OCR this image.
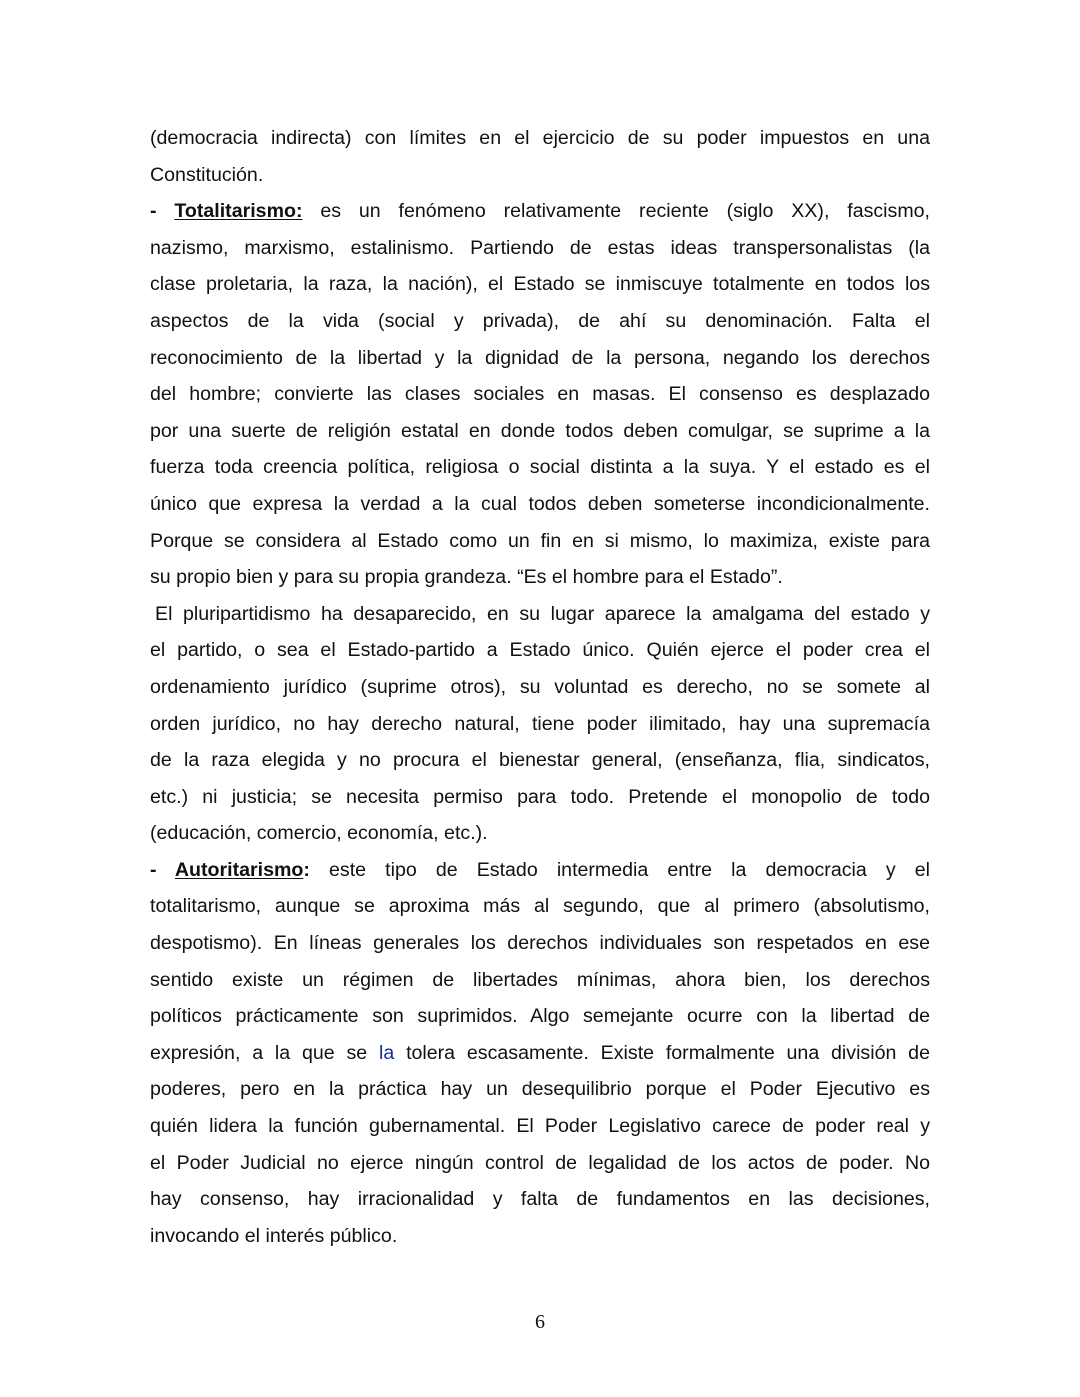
(democracia indirecta) con límites en el ejercicio de su poder impuestos en una
Constitución.
- Totalitarismo: es un fenómeno relativamente reciente (siglo XX), fascismo,
nazismo, marxismo, estalinismo. Partiendo de estas ideas transpersonalistas (la
clase proletaria, la raza, la nación), el Estado se inmiscuye totalmente en todos los
aspectos de la vida (social y privada), de ahí su denominación. Falta el
reconocimiento de la libertad y la dignidad de la persona, negando los derechos
del hombre; convierte las clases sociales en masas. El consenso es desplazado
por una suerte de religión estatal en donde todos deben comulgar, se suprime a la
fuerza toda creencia política, religiosa o social distinta a la suya. Y el estado es el
único que expresa la verdad a la cual todos deben someterse incondicionalmente.
Porque se considera al Estado como un fin en si mismo, lo maximiza, existe para
su propio bien y para su propia grandeza. “Es el hombre para el Estado”.
El pluripartidismo ha desaparecido, en su lugar aparece la amalgama del estado y
el partido, o sea el Estado-partido a Estado único. Quién ejerce el poder crea el
ordenamiento jurídico (suprime otros), su voluntad es derecho, no se somete al
orden jurídico, no hay derecho natural, tiene poder ilimitado, hay una supremacía
de la raza elegida y no procura el bienestar general, (enseñanza, flia, sindicatos,
etc.) ni justicia; se necesita permiso para todo. Pretende el monopolio de todo
(educación, comercio, economía, etc.).
- Autoritarismo: este tipo de Estado intermedia entre la democracia y el
totalitarismo, aunque se aproxima más al segundo, que al primero (absolutismo,
despotismo). En líneas generales los derechos individuales son respetados en ese
sentido existe un régimen de libertades mínimas, ahora bien, los derechos
políticos prácticamente son suprimidos. Algo semejante ocurre con la libertad de
expresión, a la que se la tolera escasamente. Existe formalmente una división de
poderes, pero en la práctica hay un desequilibrio porque el Poder Ejecutivo es
quién lidera la función gubernamental. El Poder Legislativo carece de poder real y
el Poder Judicial no ejerce ningún control de legalidad de los actos de poder. No
hay consenso, hay irracionalidad y falta de fundamentos en las decisiones,
invocando el interés público.
6
